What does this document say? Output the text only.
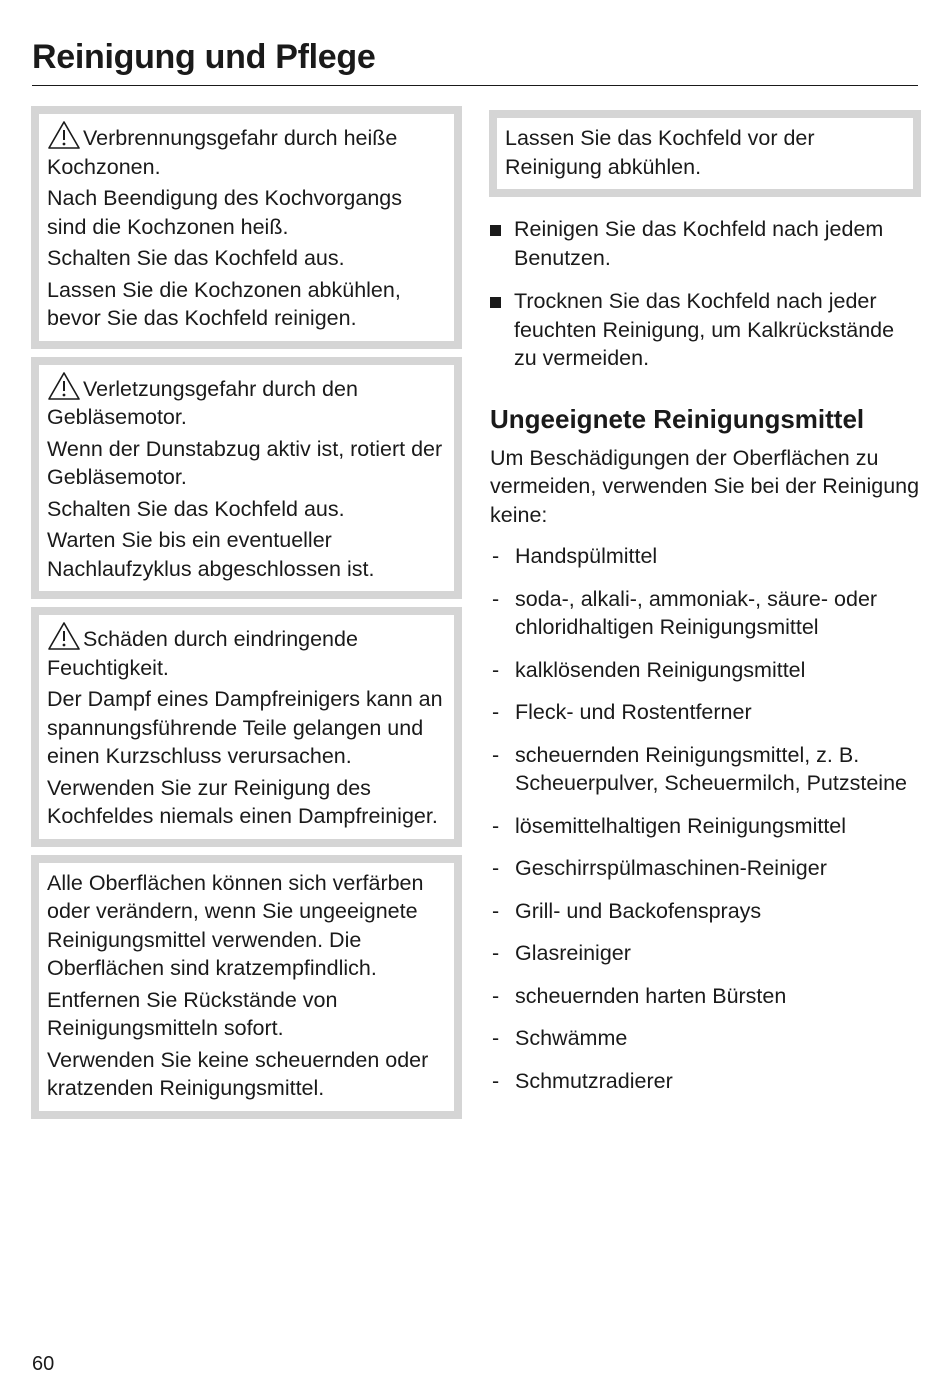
Reinigung und Pflege

Verbrennungsgefahr durch heiße Kochzonen.

Nach Beendigung des Kochvorgangs sind die Kochzonen heiß.

Schalten Sie das Kochfeld aus.

Lassen Sie die Kochzonen abkühlen, bevor Sie das Kochfeld reinigen.

Verletzungsgefahr durch den Gebläsemotor.

Wenn der Dunstabzug aktiv ist, rotiert der Gebläsemotor.

Schalten Sie das Kochfeld aus.

Warten Sie bis ein eventueller Nachlaufzyklus abgeschlossen ist.

Schäden durch eindringende Feuchtigkeit.

Der Dampf eines Dampfreinigers kann an spannungsführende Teile gelangen und einen Kurzschluss verursachen.

Verwenden Sie zur Reinigung des Kochfeldes niemals einen Dampfreiniger.

Alle Oberflächen können sich verfärben oder verändern, wenn Sie ungeeignete Reinigungsmittel verwenden. Die Oberflächen sind kratzempfindlich.

Entfernen Sie Rückstände von Reinigungsmitteln sofort.

Verwenden Sie keine scheuernden oder kratzenden Reinigungsmittel.

Lassen Sie das Kochfeld vor der Reinigung abkühlen.

Reinigen Sie das Kochfeld nach jedem Benutzen.
Trocknen Sie das Kochfeld nach jeder feuchten Reinigung, um Kalkrückstände zu vermeiden.
Ungeeignete Reinigungsmittel
Um Beschädigungen der Oberflächen zu vermeiden, verwenden Sie bei der Reinigung keine:
- Handspülmittel
- soda-, alkali-, ammoniak-, säure- oder chloridhaltigen Reinigungsmittel
- kalklösenden Reinigungsmittel
- Fleck- und Rostentferner
- scheuernden Reinigungsmittel, z. B. Scheuerpulver, Scheuermilch, Putzsteine
- lösemittelhaltigen Reinigungsmittel
- Geschirrspülmaschinen-Reiniger
- Grill- und Backofensprays
- Glasreiniger
- scheuernden harten Bürsten
- Schwämme
- Schmutzradierer
60
